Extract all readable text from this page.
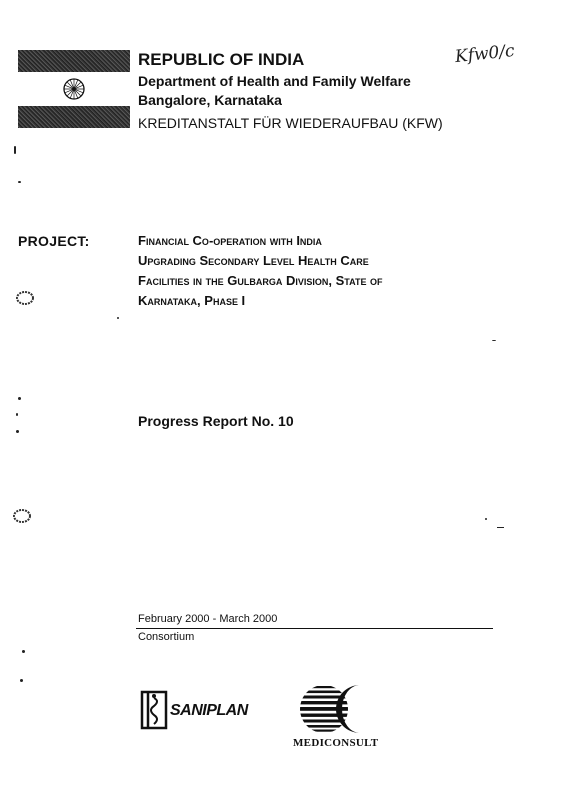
REPUBLIC OF INDIA
Department of Health and Family Welfare
Bangalore, Karnataka
KREDITANSTALT FÜR WIEDERAUFBAU (KFW)
Kfw0/c
PROJECT:	Financial Co-operation with India
Upgrading Secondary Level Health Care
Facilities in the Gulbarga Division, State of
Karnataka, Phase I
Progress Report No. 10
February 2000 - March 2000
Consortium
SANIPLAN
MEDICONSULT
